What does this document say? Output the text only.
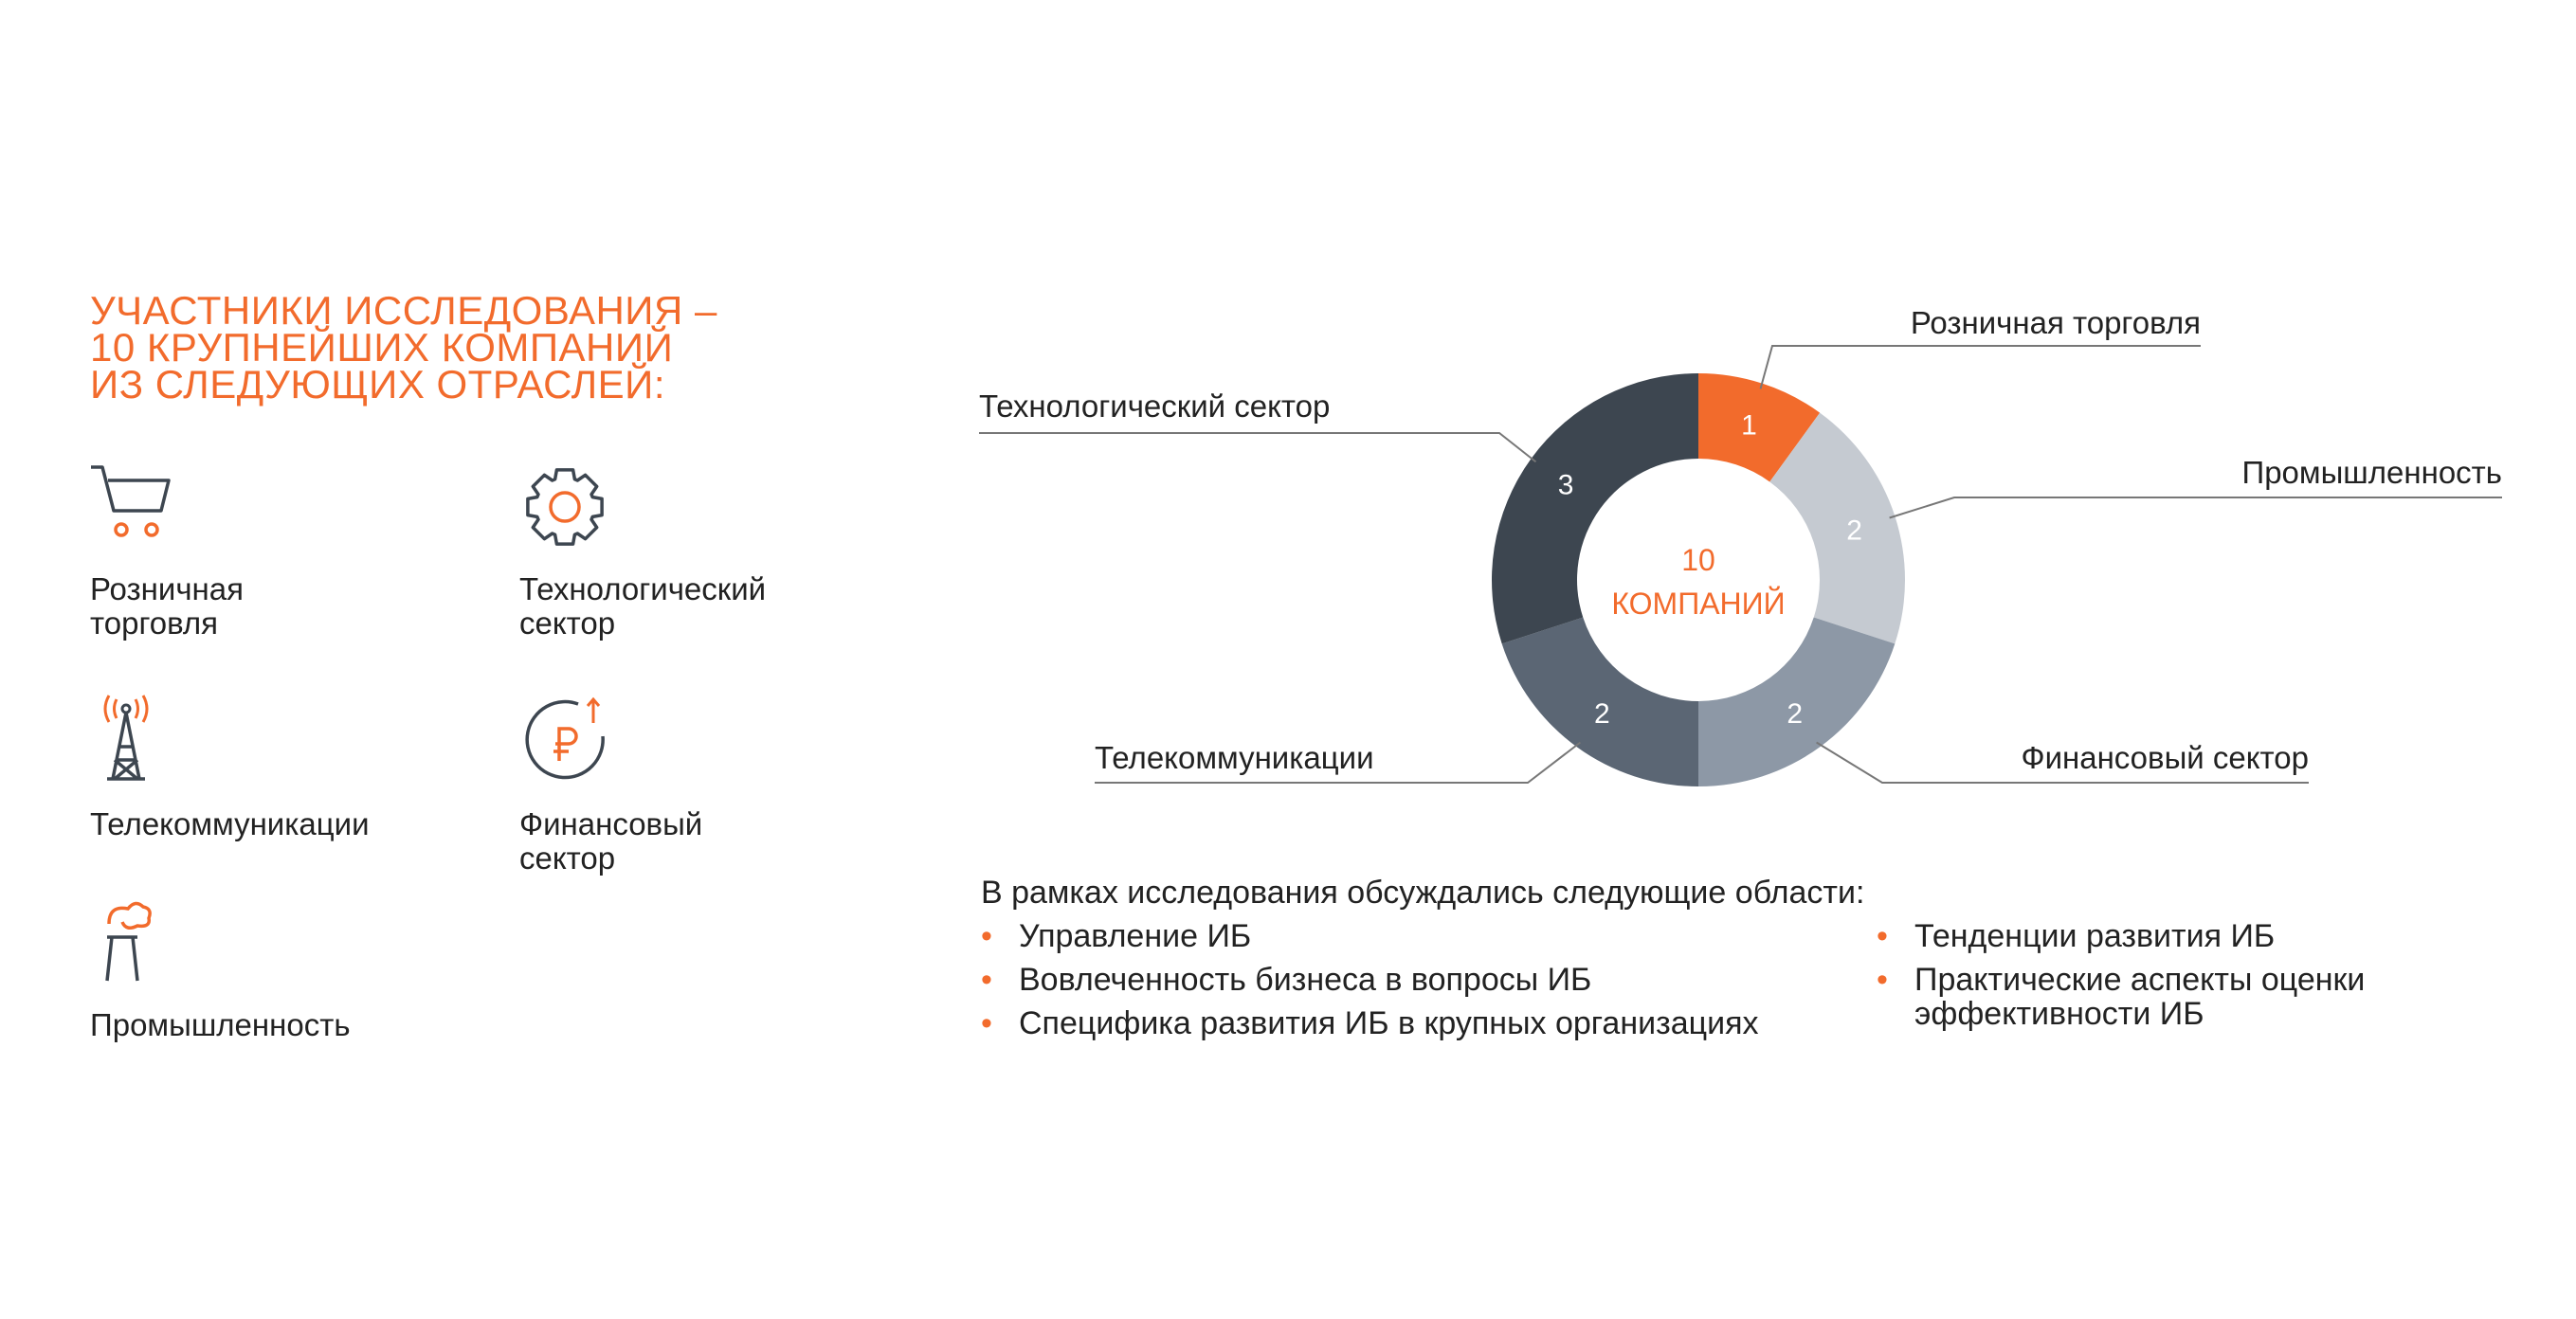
УЧАСТНИКИ ИССЛЕДОВАНИЯ –
10 КРУПНЕЙШИХ КОМПАНИЙ
ИЗ СЛЕДУЮЩИХ ОТРАСЛЕЙ:
Розничная
торговля
Технологический
сектор
Телекоммуникации	Финансовый
сектор
Промышленность
1
Розничная торговля
2
Промышленность
2
Финансовый сектор
2
Телекоммуникации
3
Технологический сектор
10
КОМПАНИЙ
В рамках исследования обсуждались следующие области:
• Управление ИБ
• Вовлеченность бизнеса в вопросы ИБ
• Специфика развития ИБ в крупных организациях
• Тенденции развития ИБ
• Практические аспекты оценки
эффективности ИБ
